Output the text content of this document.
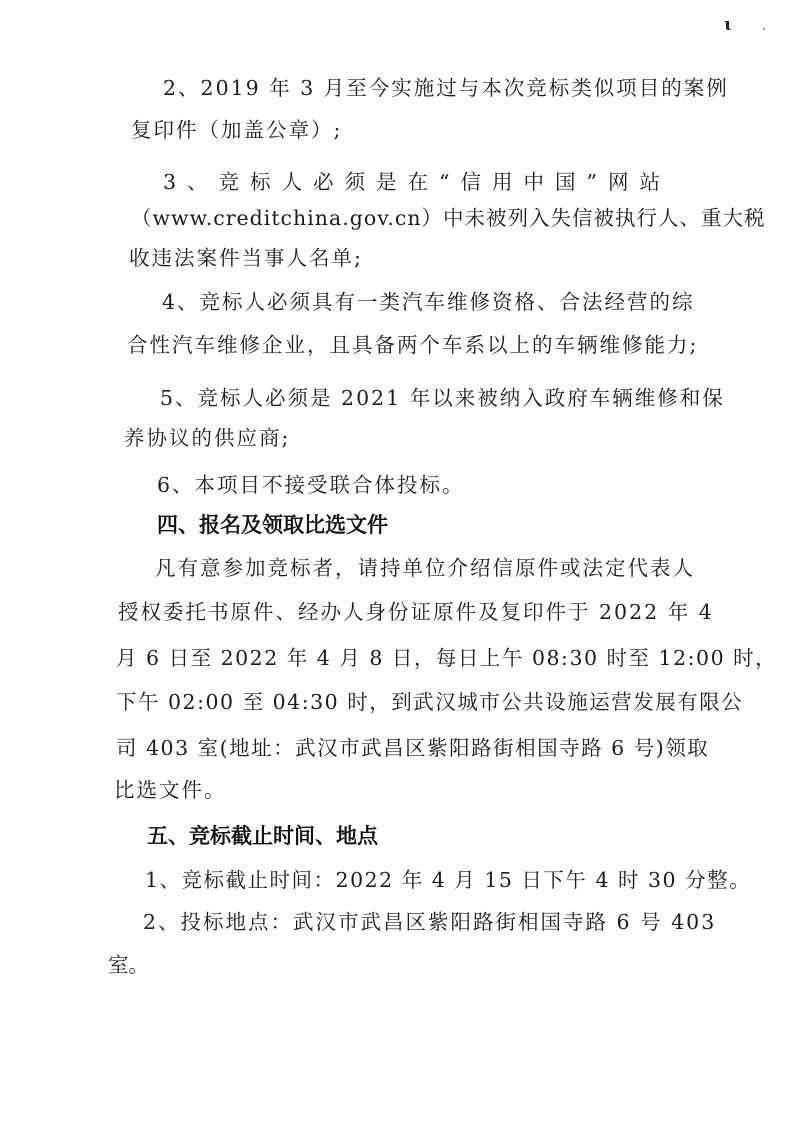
ɩ	·
2、2019 年 3 月至今实施过与本次竞标类似项目的案例
复印件（加盖公章）;
3、竞标人必须是在“信用中国”网站
（www.creditchina.gov.cn）中未被列入失信被执行人、重大税
收违法案件当事人名单;
4、竞标人必须具有一类汽车维修资格、合法经营的综
合性汽车维修企业，且具备两个车系以上的车辆维修能力;
5、竞标人必须是 2021 年以来被纳入政府车辆维修和保
养协议的供应商;
6、本项目不接受联合体投标。
四、报名及领取比选文件
凡有意参加竞标者，请持单位介绍信原件或法定代表人
授权委托书原件、经办人身份证原件及复印件于 2022 年 4
月 6 日至 2022 年 4 月 8 日，每日上午 08:30 时至 12:00 时，
下午 02:00 至 04:30 时，到武汉城市公共设施运营发展有限公
司 403 室(地址：武汉市武昌区紫阳路街相国寺路 6 号)领取
比选文件。
五、竞标截止时间、地点
1、竞标截止时间：2022 年 4 月 15 日下午 4 时 30 分整。
2、投标地点：武汉市武昌区紫阳路街相国寺路 6 号 403
室。
